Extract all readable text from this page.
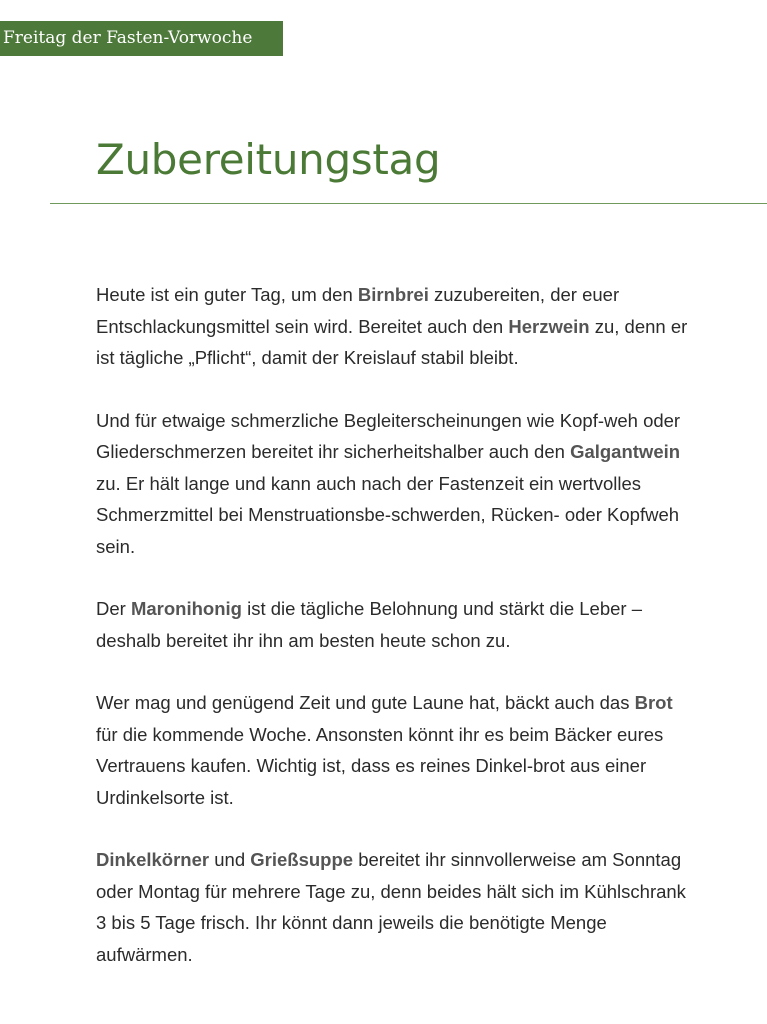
Freitag der Fasten-Vorwoche
Zubereitungstag

Heute ist ein guter Tag, um den Birnbrei zuzubereiten, der euer Entschlackungsmittel sein wird. Bereitet auch den Herzwein zu, denn er ist tägliche „Pflicht“, damit der Kreislauf stabil bleibt.

Und für etwaige schmerzliche Begleiterscheinungen wie Kopf-weh oder Gliederschmerzen bereitet ihr sicherheitshalber auch den Galgantwein zu. Er hält lange und kann auch nach der Fastenzeit ein wertvolles Schmerzmittel bei Menstruationsbe-schwerden, Rücken- oder Kopfweh sein.

Der Maronihonig ist die tägliche Belohnung und stärkt die Leber – deshalb bereitet ihr ihn am besten heute schon zu.

Wer mag und genügend Zeit und gute Laune hat, bäckt auch das Brot für die kommende Woche. Ansonsten könnt ihr es beim Bäcker eures Vertrauens kaufen. Wichtig ist, dass es reines Dinkel-brot aus einer Urdinkelsorte ist.

Dinkelkörner und Grießsuppe bereitet ihr sinnvollerweise am Sonntag oder Montag für mehrere Tage zu, denn beides hält sich im Kühlschrank 3 bis 5 Tage frisch. Ihr könnt dann jeweils die benötigte Menge aufwärmen.
